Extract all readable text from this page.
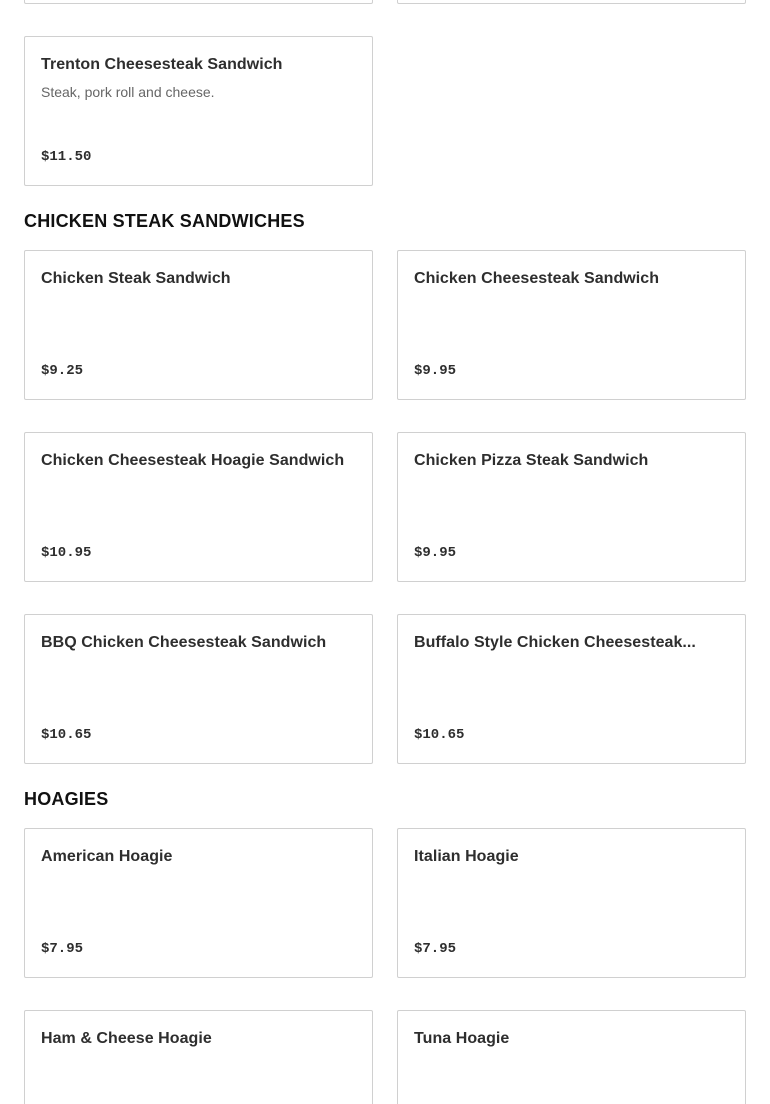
Trenton Cheesesteak Sandwich
Steak, pork roll and cheese.
$11.50
CHICKEN STEAK SANDWICHES
Chicken Steak Sandwich
$9.25
Chicken Cheesesteak Sandwich
$9.95
Chicken Cheesesteak Hoagie Sandwich
$10.95
Chicken Pizza Steak Sandwich
$9.95
BBQ Chicken Cheesesteak Sandwich
$10.65
Buffalo Style Chicken Cheesesteak...
$10.65
HOAGIES
American Hoagie
$7.95
Italian Hoagie
$7.95
Ham & Cheese Hoagie	Tuna Hoagie
